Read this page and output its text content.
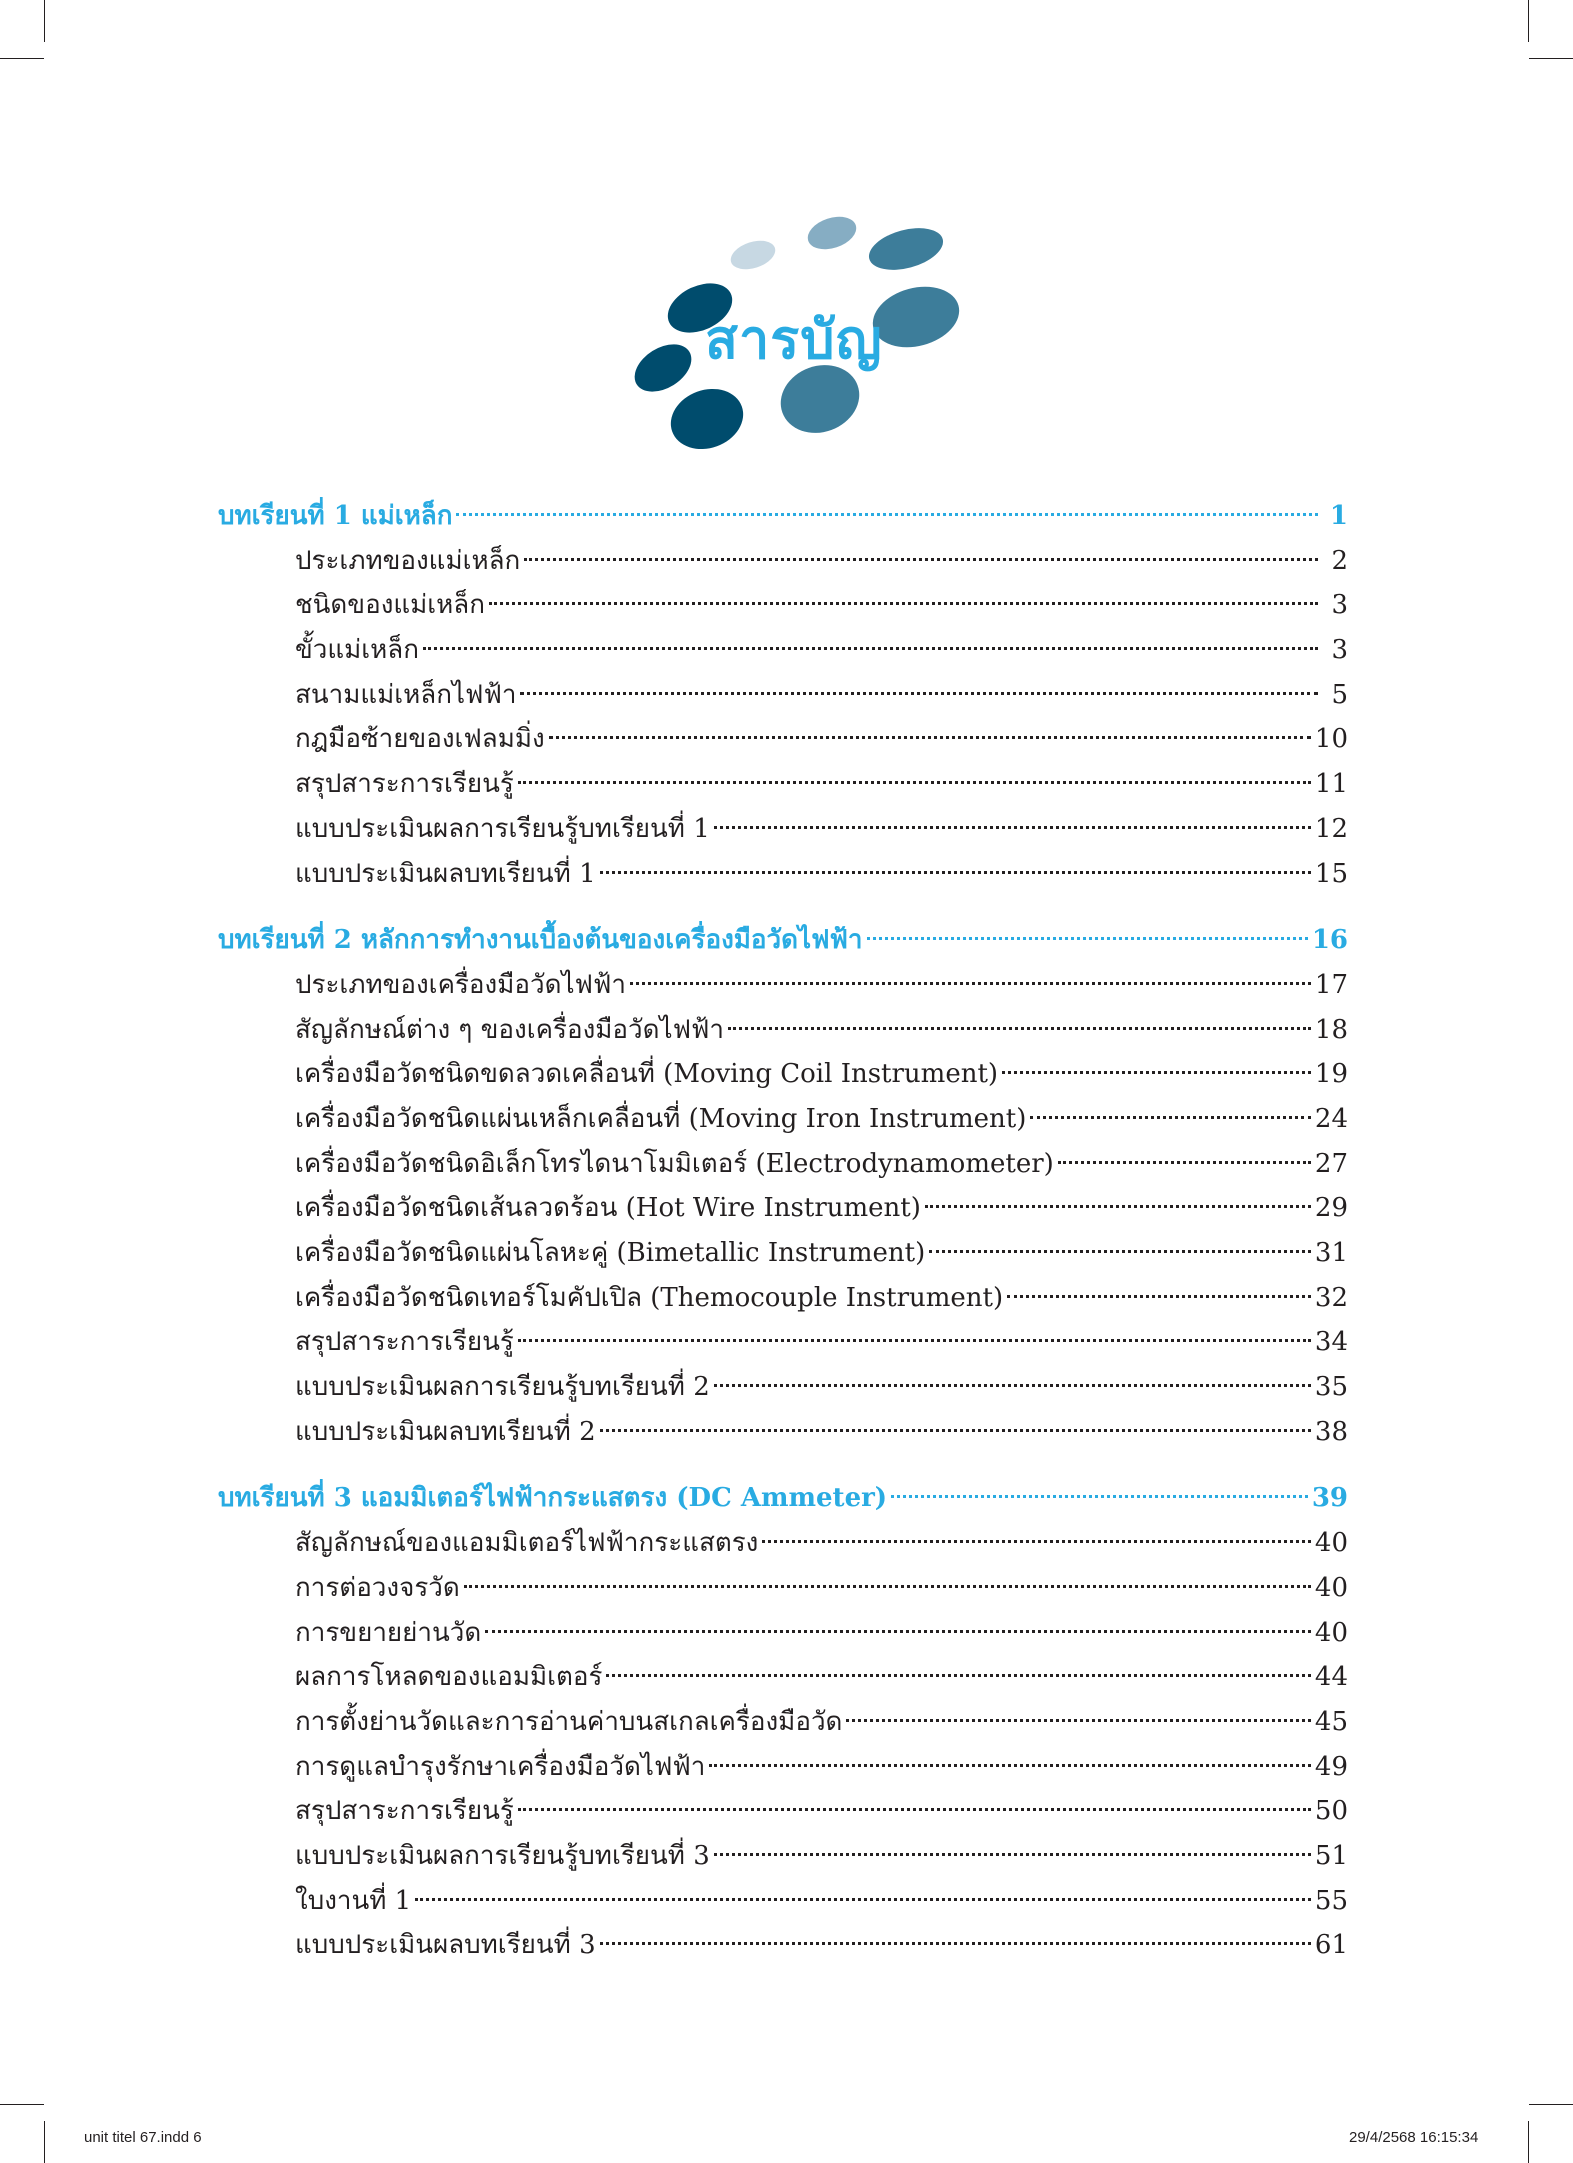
สารบัญ
บทเรียนที่ 1 แม่เหล็ก	1
ประเภทของแม่เหล็ก	2
ชนิดของแม่เหล็ก	3
ขั้วแม่เหล็ก	3
สนามแม่เหล็กไฟฟ้า	5
กฎมือซ้ายของเฟลมมิ่ง	10
สรุปสาระการเรียนรู้	11
แบบประเมินผลการเรียนรู้บทเรียนที่ 1	12
แบบประเมินผลบทเรียนที่ 1	15
บทเรียนที่ 2 หลักการทำงานเบื้องต้นของเครื่องมือวัดไฟฟ้า	16
ประเภทของเครื่องมือวัดไฟฟ้า	17
สัญลักษณ์ต่าง ๆ ของเครื่องมือวัดไฟฟ้า	18
เครื่องมือวัดชนิดขดลวดเคลื่อนที่ (Moving Coil Instrument)	19
เครื่องมือวัดชนิดแผ่นเหล็กเคลื่อนที่ (Moving Iron Instrument)	24
เครื่องมือวัดชนิดอิเล็กโทรไดนาโมมิเตอร์ (Electrodynamometer)	27
เครื่องมือวัดชนิดเส้นลวดร้อน (Hot Wire Instrument)	29
เครื่องมือวัดชนิดแผ่นโลหะคู่ (Bimetallic Instrument)	31
เครื่องมือวัดชนิดเทอร์โมคัปเปิล (Themocouple Instrument)	32
สรุปสาระการเรียนรู้	34
แบบประเมินผลการเรียนรู้บทเรียนที่ 2	35
แบบประเมินผลบทเรียนที่ 2	38
บทเรียนที่ 3 แอมมิเตอร์ไฟฟ้ากระแสตรง (DC Ammeter)	39
สัญลักษณ์ของแอมมิเตอร์ไฟฟ้ากระแสตรง	40
การต่อวงจรวัด	40
การขยายย่านวัด	40
ผลการโหลดของแอมมิเตอร์	44
การตั้งย่านวัดและการอ่านค่าบนสเกลเครื่องมือวัด	45
การดูแลบำรุงรักษาเครื่องมือวัดไฟฟ้า	49
สรุปสาระการเรียนรู้	50
แบบประเมินผลการเรียนรู้บทเรียนที่ 3	51
ใบงานที่ 1	55
แบบประเมินผลบทเรียนที่ 3	61
unit titel 67.indd 6	29/4/2568 16:15:34
